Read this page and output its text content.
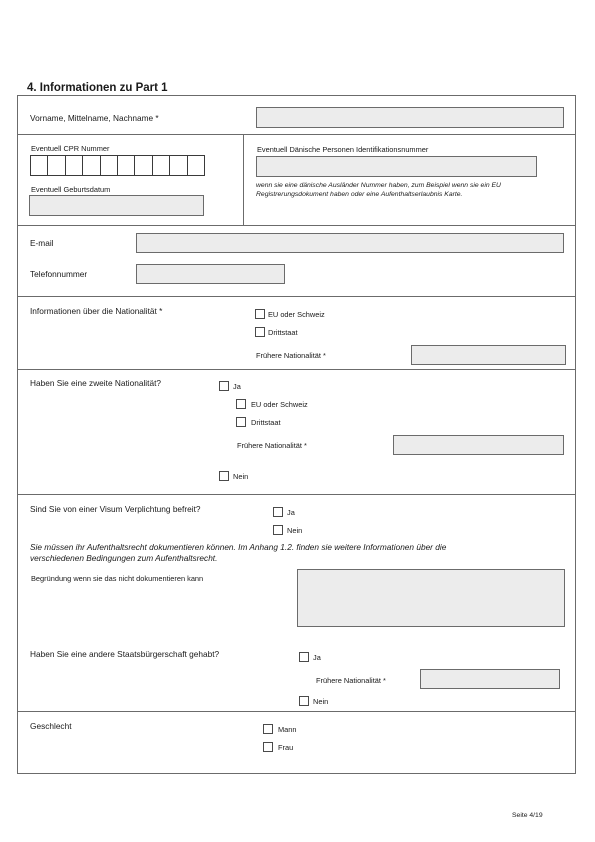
4. Informationen zu Part 1
Vorname, Mittelname, Nachname *
Eventuell CPR Nummer
Eventuell Geburtsdatum
Eventuell Dänische Personen Identifikationsnummer
wenn sie eine dänische Ausländer Nummer haben, zum Beispiel wenn sie ein EU
Registrerungsdokument haben oder eine Aufenthaltserlaubnis Karte.
E-mail
Telefonnummer
Informationen über die Nationalität *	EU oder Schweiz
Drittstaat
Frühere Nationalität *
Haben Sie eine zweite Nationalität?	Ja
EU oder Schweiz
Drittstaat
Frühere Nationalität *
Nein
Sind Sie von einer Visum Verplichtung befreit?	Ja
Nein
Sie müssen ihr Aufenthaltsrecht dokumentieren können. Im Anhang 1.2. finden sie weitere Informationen über die
verschiedenen Bedingungen zum Aufenthaltsrecht.
Begründung wenn sie das nicht dokumentieren kann
Haben Sie eine andere Staatsbürgerschaft gehabt?	Ja
Frühere Nationalität *
Nein
Geschlecht	Mann
Frau
Seite 4/19
